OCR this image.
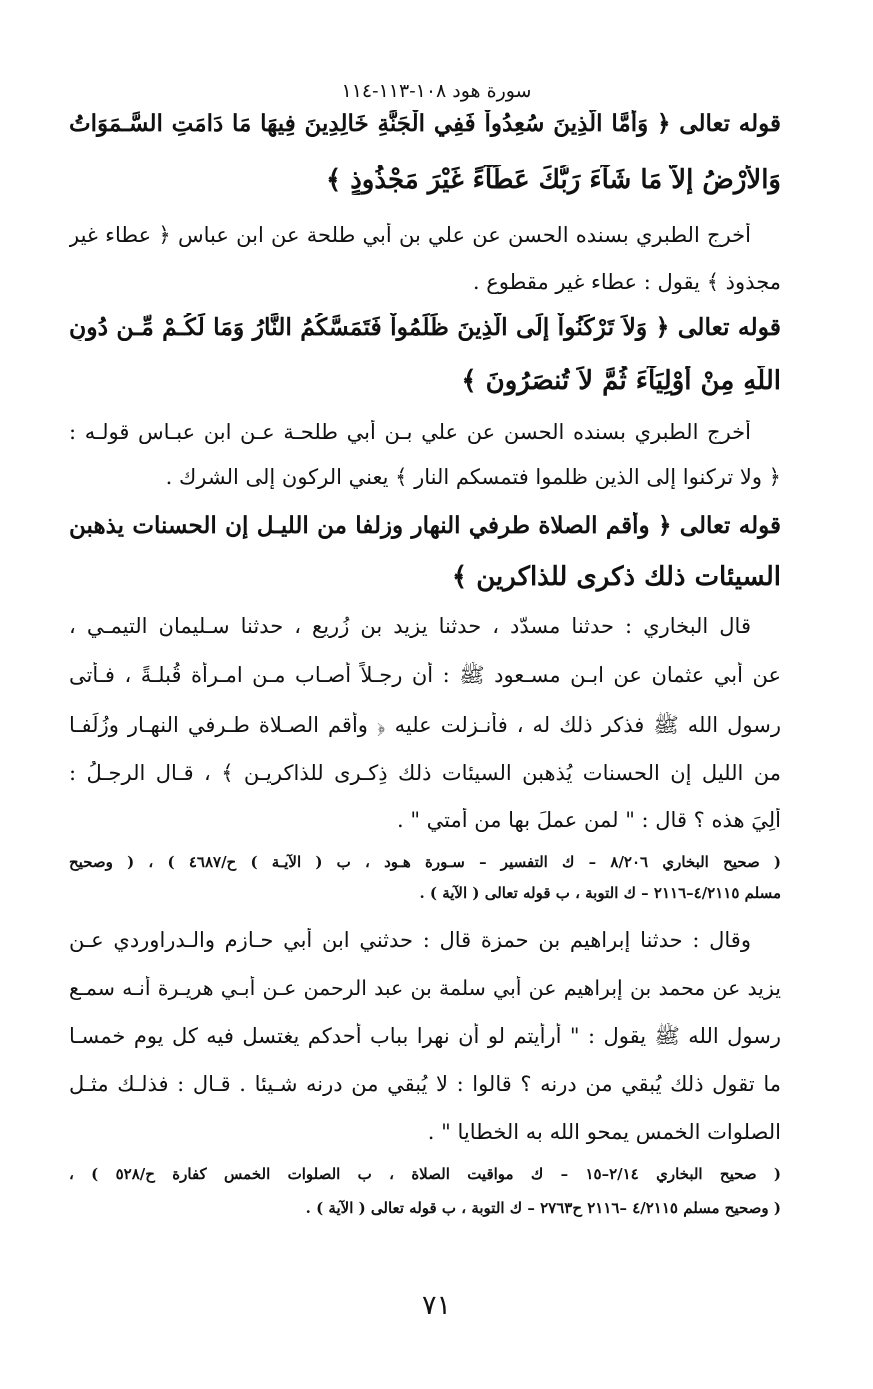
سورة هود ١٠٨-١١٣-١١٤
قوله تعالى ﴿ وَأَمَّا الَّذِينَ سُعِدُواْ فَفِي الْجَنَّةِ خَالِدِينَ فِيهَا مَا دَامَتِ السَّـمَوَاتُ
وَالأَرْضُ إِلاَّ مَا شَآءَ رَبُّكَ عَطَآءً غَيْرَ مَجْذُوذٍ ﴾
أخرج الطبري بسنده الحسن عن علي بن أبي طلحة عن ابن عباس ﴿ عطاء غير
مجذوذ ﴾ يقول : عطاء غير مقطوع .
قوله تعالى ﴿ وَلاَ تَرْكَنُواْ إِلَى الَّذِينَ ظَلَمُواْ فَتَمَسَّكُمُ النَّارُ وَمَا لَكُـمْ مِّـن دُونِ
اللَّهِ مِنْ أَوْلِيَآءَ ثُمَّ لاَ تُنصَرُونَ ﴾
أخرج الطبري بسنده الحسن عن علي بـن أبي طلحـة عـن ابن عبـاس قولـه :
﴿ ولا تركنوا إلى الذين ظلموا فتمسكم النار ﴾ يعني الركون إلى الشرك .
قوله تعالى ﴿ وأقم الصلاة طرفي النهار وزلفا من الليـل إن الحسنات يذهبن
السيئات ذلك ذكرى للذاكرين ﴾
قال البخاري : حدثنا مسدّد ، حدثنا يزيد بن زُريع ، حدثنا سـليمان التيمـي ،
عن أبي عثمان عن ابـن مسـعود ﷺ : أن رجـلاً أصـاب مـن امـرأة قُبلـةً ، فـأتى
رسول الله ﷺ فذكر ذلك له ، فأنـزلت عليه ﴿ وأقم الصـلاة طـرفي النهـار وزُلَفـا
من الليل إن الحسنات يُذهبن السيئات ذلك ذِكـرى للذاكريـن ﴾ ، قـال الرجـلُ :
أَلِيَ هذه ؟ قال : " لمن عملَ بها من أمتي " .
( صحيح البخاري ٨/٢٠٦ – ك التفسير – سـورة هـود ، ب ( الآيـة ) ح/٤٦٨٧ ) ، ( وصحيح
مسلم ٤/٢١١٥–٢١١٦ – ك التوبة ، ب قوله تعالى ( الآية ) .
وقال : حدثنا إبراهيم بن حمزة قال : حدثني ابن أبي حـازم والـدراوردي عـن
يزيد عن محمد بن إبراهيم عن أبي سلمة بن عبد الرحمن عـن أبـي هريـرة أنـه سمـع
رسول الله ﷺ يقول : " أرأيتم لو أن نهرا بباب أحدكم يغتسل فيه كل يوم خمسـا
ما تقول ذلك يُبقي من درنه ؟ قالوا : لا يُبقي من درنه شـيئا . قـال : فذلـك مثـل
الصلوات الخمس يمحو الله به الخطايا " .
( صحيح البخاري ٢/١٤–١٥ – ك مواقيت الصلاة ، ب الصلوات الخمس كفارة ح/٥٢٨ ) ،
( وصحيح مسلم ٤/٢١١٥ –٢١١٦ ح٢٧٦٣ – ك التوبة ، ب قوله تعالى ( الآية ) .
٧١
